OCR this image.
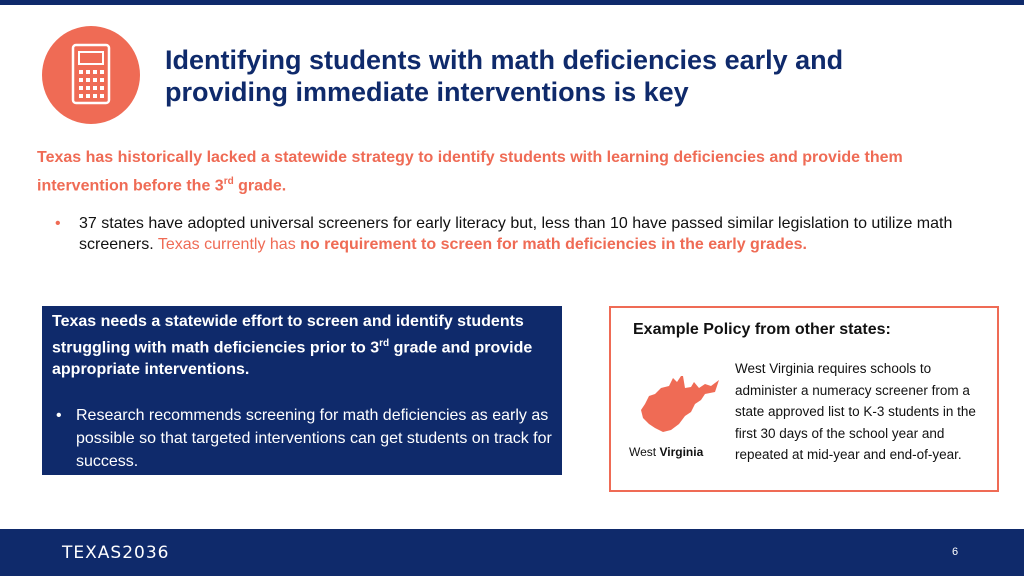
Identifying students with math deficiencies early and
providing immediate interventions is key
Texas has historically lacked a statewide strategy to identify students with learning deficiencies and provide them intervention before the 3rd grade.
• 37 states have adopted universal screeners for early literacy but, less than 10 have passed similar legislation to utilize math screeners. Texas currently has no requirement to screen for math deficiencies in the early grades.
Texas needs a statewide effort to screen and identify students struggling with math deficiencies prior to 3rd grade and provide appropriate interventions.
• Research recommends screening for math deficiencies as early as possible so that targeted interventions can get students on track for success.
Example Policy from other states:
West Virginia
West Virginia requires schools to administer a numeracy screener from a state approved list to K-3 students in the first 30 days of the school year and repeated at mid-year and end-of-year.
TEXAS2036	6
